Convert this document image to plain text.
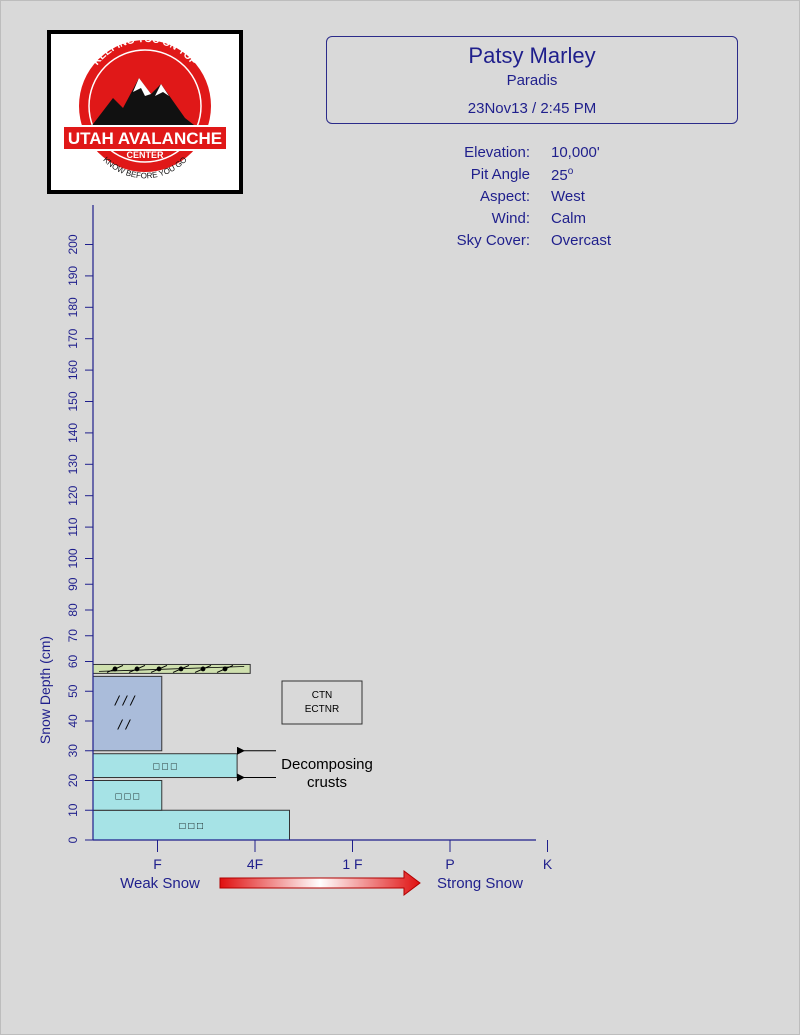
KEEPING YOU ON TOP
UTAH AVALANCHE
CENTER
KNOW BEFORE YOU GO
Patsy Marley
Paradis
23Nov13 / 2:45 PM
Elevation: 10,000'
Pit Angle 25$^o$
Aspect: West
Wind: Calm
Sky Cover: Overcast
□ □ □
□ □ □
□ □ □
/ / /
/ /
0
10
20
30
40
50
60
70
80
90
100
110
120
130
140
150
160
170
180
190
200
Snow Depth (cm)
F	4F	1 F	P	K
Weak Snow	Strong Snow
Decomposing
crusts
CTN
ECTNR
